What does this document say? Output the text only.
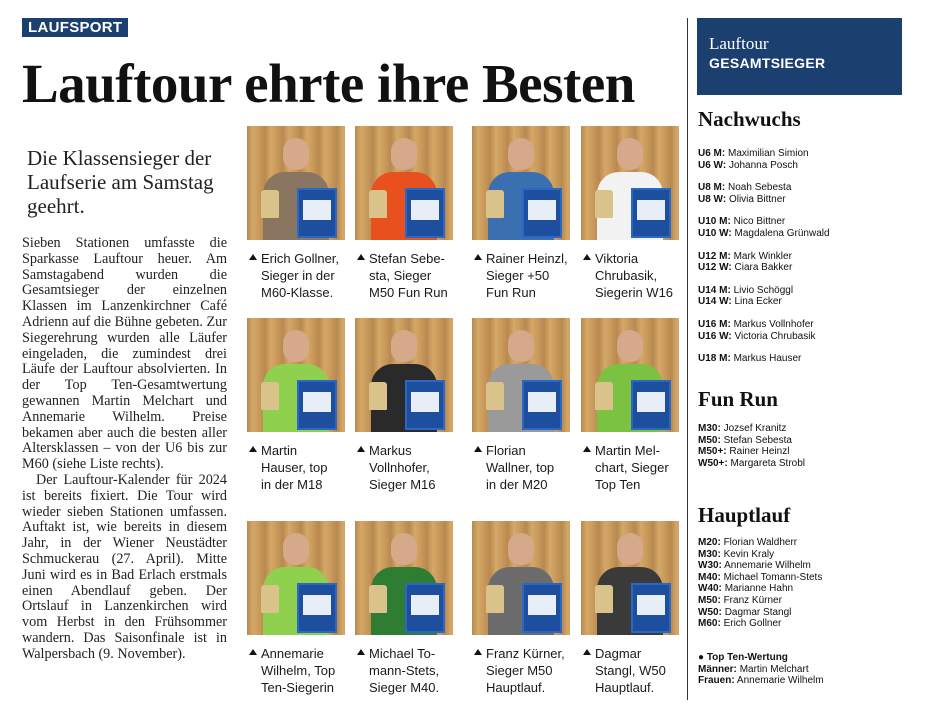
LAUFSPORT
Lauftour ehrte ihre Besten

Die Klassensieger der Laufserie am Samstag geehrt.

Sieben Stationen umfasste die Sparkasse Lauftour heuer. Am Samstagabend wurden die Gesamtsieger der einzelnen Klassen im Lanzenkirchner Café Adrienn auf die Bühne gebeten. Zur Siegerehrung wurden alle Läufer eingeladen, die zumindest drei Läufe der Lauftour absolvierten. In der Top Ten-Gesamtwertung gewannen Martin Melchart und Annemarie Wilhelm. Preise bekamen aber auch die besten aller Altersklassen – von der U6 bis zur M60 (siehe Liste rechts).

Der Lauftour-Kalender für 2024 ist bereits fixiert. Die Tour wird wieder sieben Stationen umfassen. Auftakt ist, wie bereits in diesem Jahr, in der Wiener Neustädter Schmuckerau (27. April). Mitte Juni wird es in Bad Erlach erstmals einen Abendlauf geben. Der Ortslauf in Lanzenkirchen wird vom Herbst in den Frühsommer wandern. Das Saisonfinale ist in Walpersbach (9. November).

Erich Gollner,
Sieger in der
M60-Klasse.
Stefan Sebe-
sta, Sieger
M50 Fun Run
Rainer Heinzl,
Sieger +50
Fun Run
Viktoria
Chrubasik,
Siegerin W16
Martin
Hauser, top
in der M18
Markus
Vollnhofer,
Sieger M16
Florian
Wallner, top
in der M20
Martin Mel-
chart, Sieger
Top Ten
Annemarie
Wilhelm, Top
Ten-Siegerin
Michael To-
mann-Stets,
Sieger M40.
Franz Kürner,
Sieger M50
Hauptlauf.
Dagmar
Stangl, W50
Hauptlauf.
Lauftour
GESAMTSIEGER
Nachwuchs
U6 M: Maximilian Simion
U6 W: Johanna Posch
U8 M: Noah Sebesta
U8 W: Olivia Bittner
U10 M: Nico Bittner
U10 W: Magdalena Grünwald
U12 M: Mark Winkler
U12 W: Ciara Bakker
U14 M: Livio Schöggl
U14 W: Lina Ecker
U16 M: Markus Vollnhofer
U16 W: Victoria Chrubasik
U18 M: Markus Hauser
Fun Run
M30: Jozsef Kranitz
M50: Stefan Sebesta
M50+: Rainer Heinzl
W50+: Margareta Strobl
Hauptlauf
M20: Florian Waldherr
M30: Kevin Kraly
W30: Annemarie Wilhelm
M40: Michael Tomann-Stets
W40: Marianne Hahn
M50: Franz Kürner
W50: Dagmar Stangl
M60: Erich Gollner
● Top Ten-Wertung
Männer: Martin Melchart
Frauen: Annemarie Wilhelm
